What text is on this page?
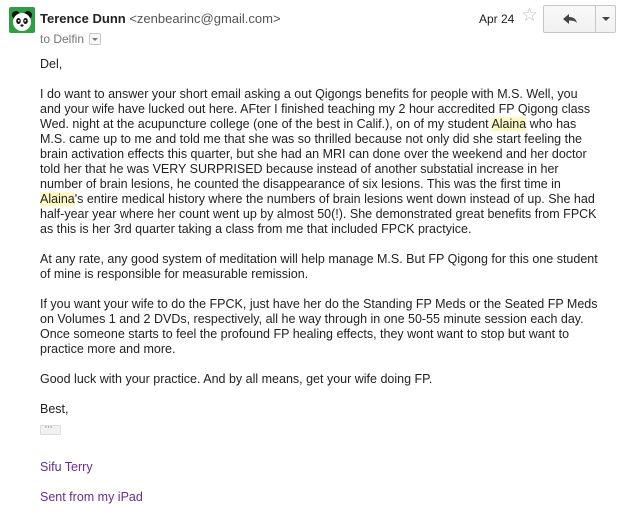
Terence Dunn <zenbearinc@gmail.com>
to Delfin
Apr 24 ☆

Del,

I do want to answer your short email asking a out Qigongs benefits for people with M.S. Well, you and your wife have lucked out here. AFter I finished teaching my 2 hour accredited FP Qigong class Wed. night at the acupuncture college (one of the best in Calif.), on of my student Alaina who has M.S. came up to me and told me that she was so thrilled because not only did she start feeling the brain activation effects this quarter, but she had an MRI can done over the weekend and her doctor told her that he was VERY SURPRISED because instead of another substatial increase in her number of brain lesions, he counted the disappearance of six lesions. This was the first time in Alaina's entire medical history where the numbers of brain lesions went down instead of up. She had half-year year where her count went up by almost 50(!). She demonstrated great benefits from FPCK as this is her 3rd quarter taking a class from me that included FPCK practyice.

At any rate, any good system of meditation will help manage M.S. But FP Qigong for this one student of mine is responsible for measurable remission.

If you want your wife to do the FPCK, just have her do the Standing FP Meds or the Seated FP Meds on Volumes 1 and 2 DVDs, respectively, all he way through in one 50-55 minute session each day. Once someone starts to feel the profound FP healing effects, they wont want to stop but want to practice more and more.

Good luck with your practice. And by all means, get your wife doing FP.

Best,

···

Sifu Terry

Sent from my iPad
